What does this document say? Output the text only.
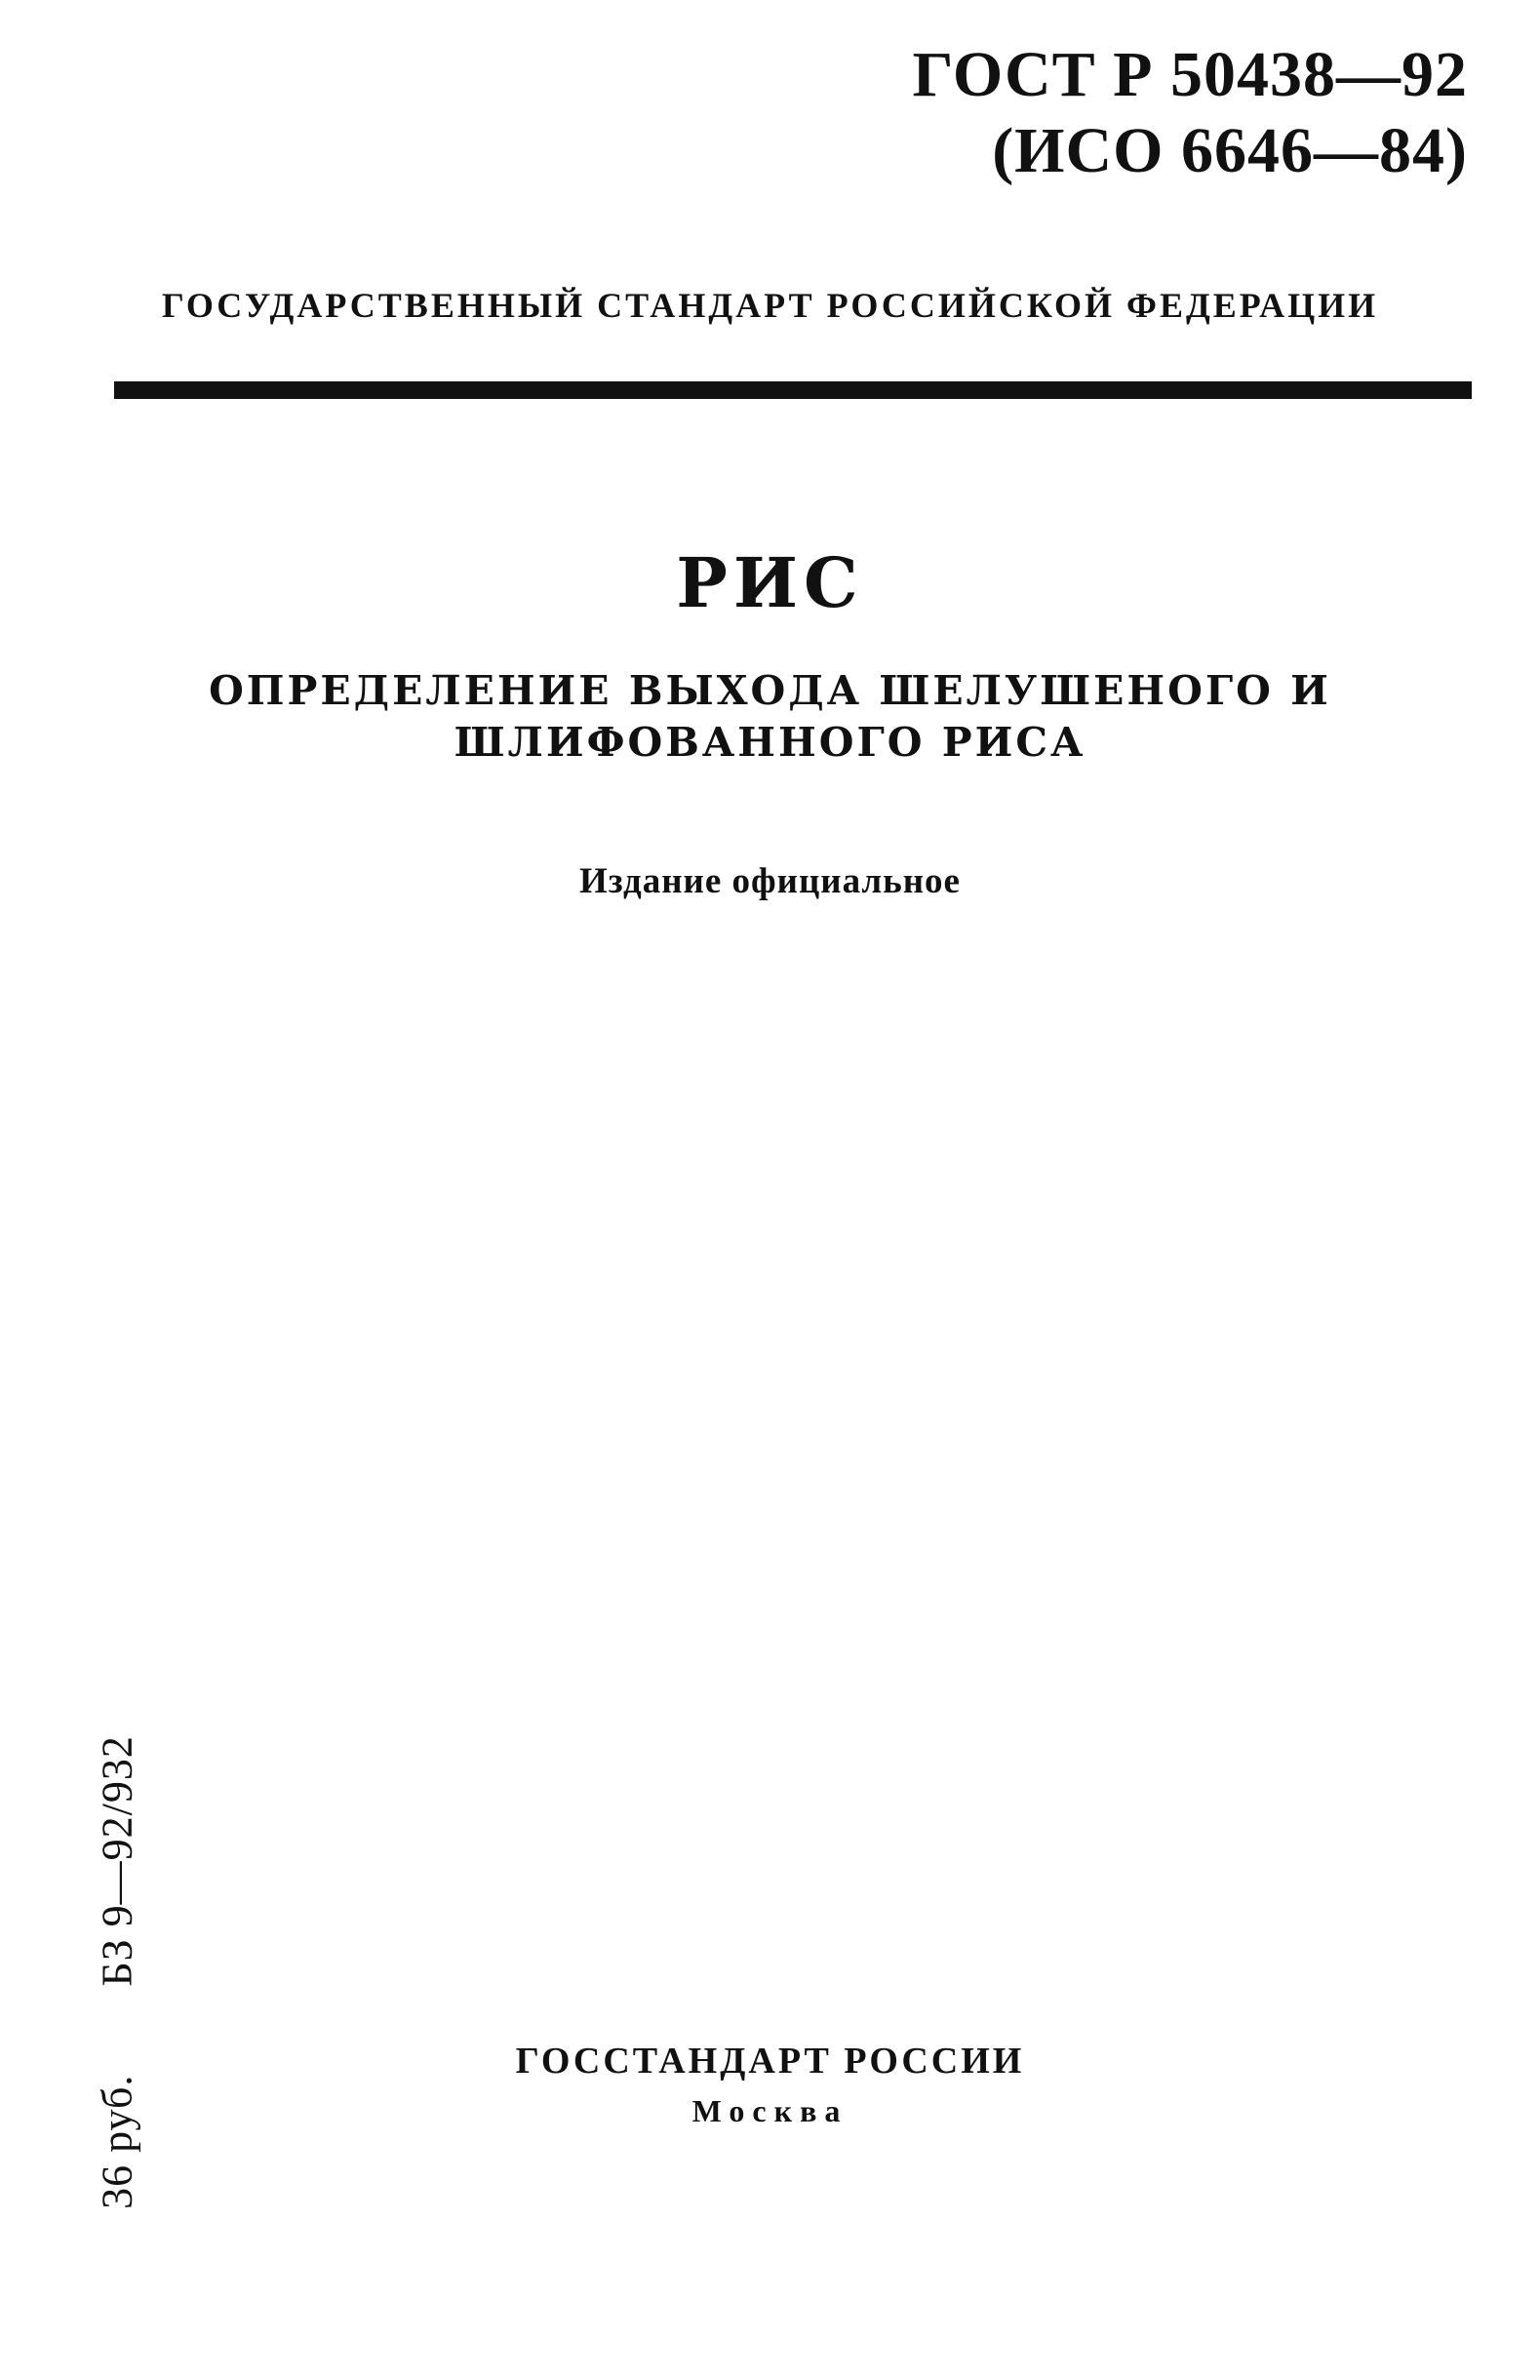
ГОСТ Р 50438—92
(ИСО 6646—84)
ГОСУДАРСТВЕННЫЙ СТАНДАРТ РОССИЙСКОЙ ФЕДЕРАЦИИ
РИС
ОПРЕДЕЛЕНИЕ ВЫХОДА ШЕЛУШЕНОГО И
ШЛИФОВАННОГО РИСА
Издание официальное
36 руб.БЗ 9—92/932
ГОССТАНДАРТ РОССИИ
Москва
